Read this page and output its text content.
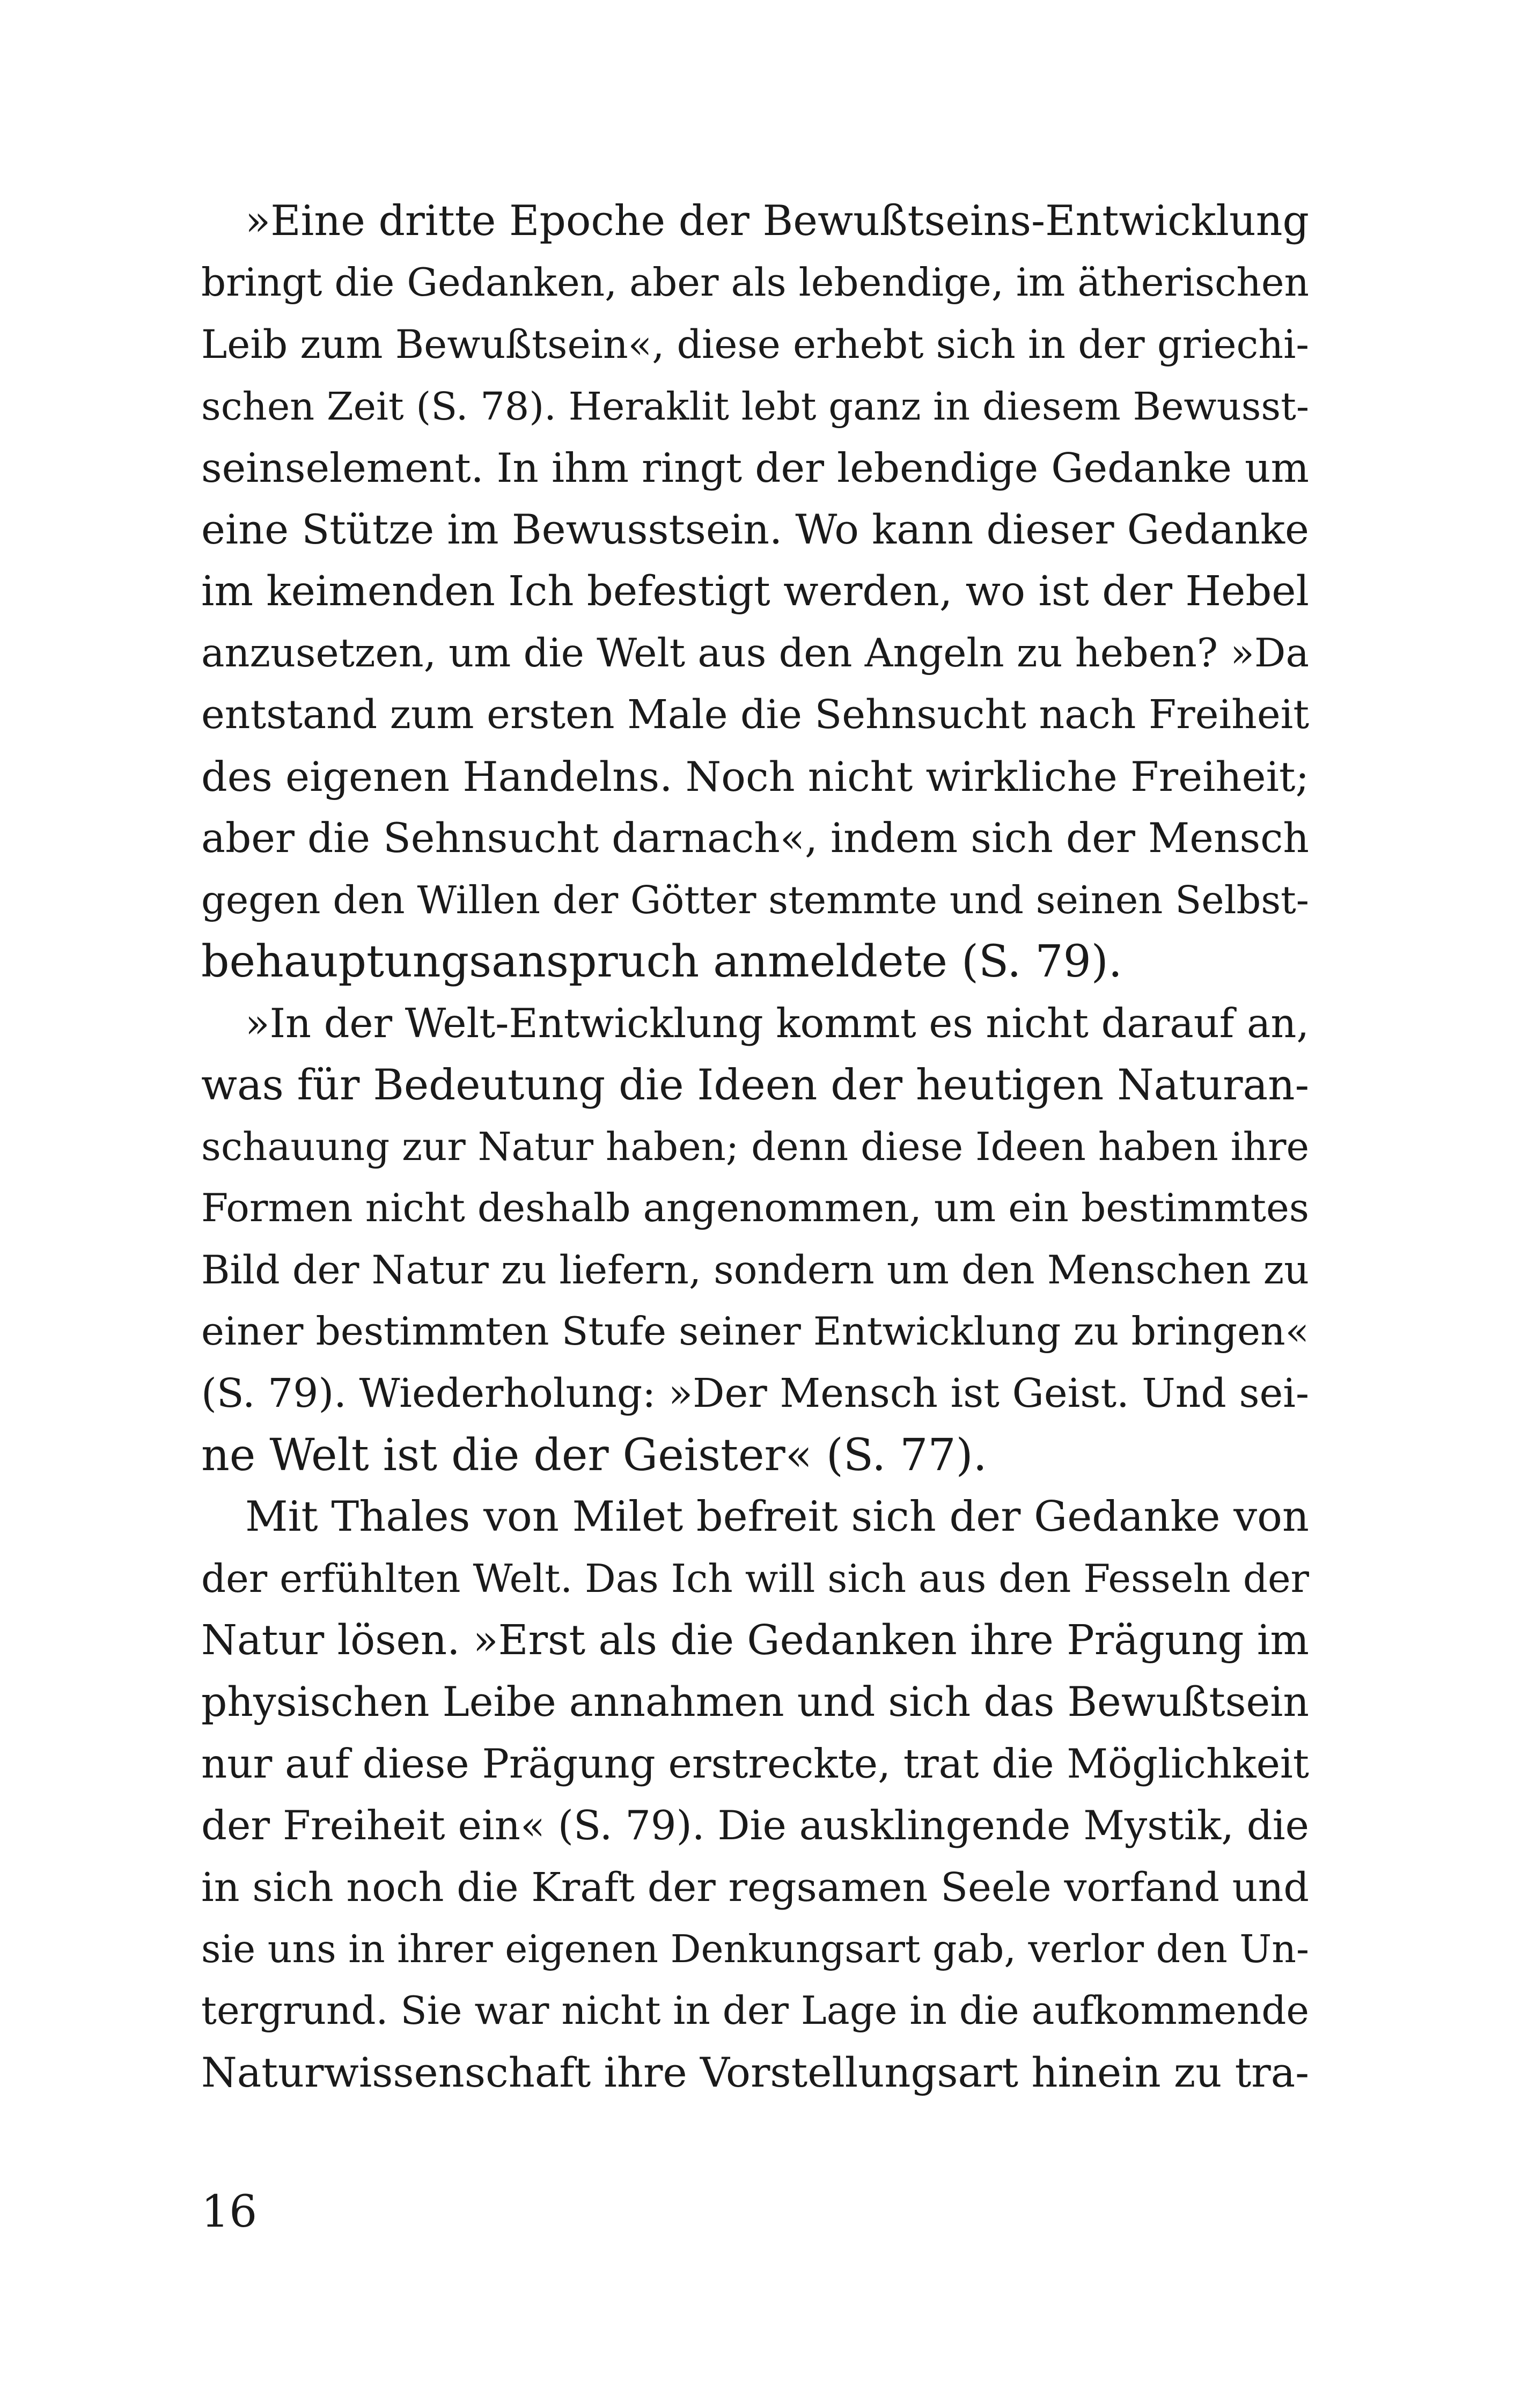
»Eine dritte Epoche der Bewußtseins-Entwicklung
bringt die Gedanken, aber als lebendige, im ätherischen
Leib zum Bewußtsein«, diese erhebt sich in der griechi-
schen Zeit (S. 78). Heraklit lebt ganz in diesem Bewusst-
seinselement. In ihm ringt der lebendige Gedanke um
eine Stütze im Bewusstsein. Wo kann dieser Gedanke
im keimenden Ich befestigt werden, wo ist der Hebel
anzusetzen, um die Welt aus den Angeln zu heben? »Da
entstand zum ersten Male die Sehnsucht nach Freiheit
des eigenen Handelns. Noch nicht wirkliche Freiheit;
aber die Sehnsucht darnach«, indem sich der Mensch
gegen den Willen der Götter stemmte und seinen Selbst-
behauptungsanspruch anmeldete (S. 79).
»In der Welt-Entwicklung kommt es nicht darauf an,
was für Bedeutung die Ideen der heutigen Naturan-
schauung zur Natur haben; denn diese Ideen haben ihre
Formen nicht deshalb angenommen, um ein bestimmtes
Bild der Natur zu liefern, sondern um den Menschen zu
einer bestimmten Stufe seiner Entwicklung zu bringen«
(S. 79). Wiederholung: »Der Mensch ist Geist. Und sei-
ne Welt ist die der Geister« (S. 77).
Mit Thales von Milet befreit sich der Gedanke von
der erfühlten Welt. Das Ich will sich aus den Fesseln der
Natur lösen. »Erst als die Gedanken ihre Prägung im
physischen Leibe annahmen und sich das Bewußtsein
nur auf diese Prägung erstreckte, trat die Möglichkeit
der Freiheit ein« (S. 79). Die ausklingende Mystik, die
in sich noch die Kraft der regsamen Seele vorfand und
sie uns in ihrer eigenen Denkungsart gab, verlor den Un-
tergrund. Sie war nicht in der Lage in die aufkommende
Naturwissenschaft ihre Vorstellungsart hinein zu tra-
16
